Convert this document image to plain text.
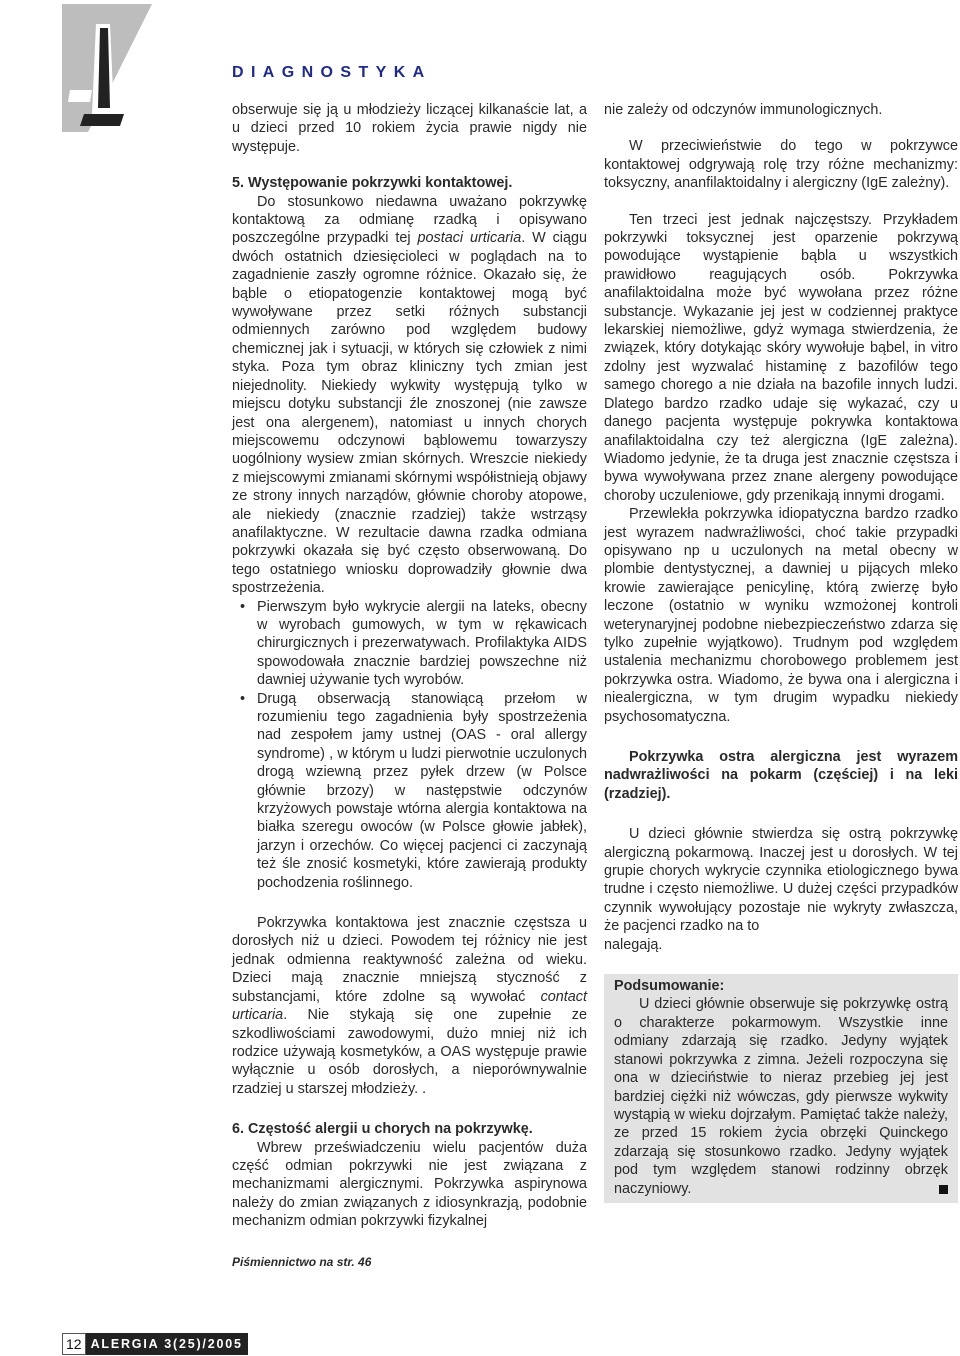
DIAGNOSTYKA

obserwuje się ją u młodzieży liczącej kilkanaście lat, a u dzieci przed 10 rokiem życia prawie nigdy nie występuje.

5. Występowanie pokrzywki kontaktowej.

Do stosunkowo niedawna uważano pokrzywkę kontaktową za odmianę rzadką i opisywano poszczególne przypadki tej postaci urticaria. W ciągu dwóch ostatnich dziesięcioleci w poglądach na to zagadnienie zaszły ogromne różnice. Okazało się, że bąble o etiopatogenzie kontaktowej mogą być wywoływane przez setki różnych substancji odmiennych zarówno pod względem budowy chemicznej jak i sytuacji, w których się człowiek z nimi styka. Poza tym obraz kliniczny tych zmian jest niejednolity. Niekiedy wykwity występują tylko w miejscu dotyku substancji źle znoszonej (nie zawsze jest ona alergenem), natomiast u innych chorych miejscowemu odczynowi bąblowemu towarzyszy uogólniony wysiew zmian skórnych. Wreszcie niekiedy z miejscowymi zmianami skórnymi współistnieją objawy ze strony innych narządów, głównie choroby atopowe, ale niekiedy (znacznie rzadziej) także wstrząsy anafilaktyczne. W rezultacie dawna rzadka odmiana pokrzywki okazała się być często obserwowaną. Do tego ostatniego wniosku doprowadziły głownie dwa spostrzeżenia.

• Pierwszym było wykrycie alergii na lateks, obecny w wyrobach gumowych, w tym w rękawicach chirurgicznych i prezerwatywach. Profilaktyka AIDS spowodowała znacznie bardziej powszechne niż dawniej używanie tych wyrobów.
• Drugą obserwacją stanowiącą przełom w rozumieniu tego zagadnienia były spostrzeżenia nad zespołem jamy ustnej (OAS - oral allergy syndrome) , w którym u ludzi pierwotnie uczulonych drogą wziewną przez pyłek drzew (w Polsce głównie brzozy) w następstwie odczynów krzyżowych powstaje wtórna alergia kontaktowa na białka szeregu owoców (w Polsce głowie jabłek), jarzyn i orzechów. Co więcej pacjenci ci zaczynają też śle znosić kosmetyki, które zawierają produkty pochodzenia roślinnego.

Pokrzywka kontaktowa jest znacznie częstsza u dorosłych niż u dzieci. Powodem tej różnicy nie jest jednak odmienna reaktywność zależna od wieku. Dzieci mają znacznie mniejszą styczność z substancjami, które zdolne są wywołać contact urticaria. Nie stykają się one zupełnie ze szkodliwościami zawodowymi, dużo mniej niż ich rodzice używają kosmetyków, a OAS występuje prawie wyłącznie u osób dorosłych, a nieporównywalnie rzadziej u starszej młodzieży. .

6. Częstość alergii u chorych na pokrzywkę.

Wbrew przeświadczeniu wielu pacjentów duża część odmian pokrzywki nie jest związana z mechanizmami alergicznymi. Pokrzywka aspirynowa należy do zmian związanych z idiosynkrazją, podobnie mechanizm odmian pokrzywki fizykalnej

nie zależy od odczynów immunologicznych.

W przeciwieństwie do tego w pokrzywce kontaktowej odgrywają rolę trzy różne mechanizmy: toksyczny, ananfilaktoidalny i alergiczny (IgE zależny).

Ten trzeci jest jednak najczęstszy. Przykładem pokrzywki toksycznej jest oparzenie pokrzywą powodujące wystąpienie bąbla u wszystkich prawidłowo reagujących osób. Pokrzywka anafilaktoidalna może być wywołana przez różne substancje. Wykazanie jej jest w codziennej praktyce lekarskiej niemożliwe, gdyż wymaga stwierdzenia, że związek, który dotykając skóry wywołuje bąbel, in vitro zdolny jest wyzwalać histaminę z bazofilów tego samego chorego a nie działa na bazofile innych ludzi. Dlatego bardzo rzadko udaje się wykazać, czy u danego pacjenta występuje pokrywka kontaktowa anafilaktoidalna czy też alergiczna (IgE zależna). Wiadomo jedynie, że ta druga jest znacznie częstsza i bywa wywoływana przez znane alergeny powodujące choroby uczuleniowe, gdy przenikają innymi drogami.

Przewlekła pokrzywka idiopatyczna bardzo rzadko jest wyrazem nadwrażliwości, choć takie przypadki opisywano np u uczulonych na metal obecny w plombie dentystycznej, a dawniej u pijących mleko krowie zawierające penicylinę, którą zwierzę było leczone (ostatnio w wyniku wzmożonej kontroli weterynaryjnej podobne niebezpieczeństwo zdarza się tylko zupełnie wyjątkowo). Trudnym pod względem ustalenia mechanizmu chorobowego problemem jest pokrzywka ostra. Wiadomo, że bywa ona i alergiczna i niealergiczna, w tym drugim wypadku niekiedy psychosomatyczna.

Pokrzywka ostra alergiczna jest wyrazem nadwrażliwości na pokarm (częściej) i na leki (rzadziej).

U dzieci głównie stwierdza się ostrą pokrzywkę alergiczną pokarmową. Inaczej jest u dorosłych. W tej grupie chorych wykrycie czynnika etiologicznego bywa trudne i często niemożliwe. U dużej części przypadków czynnik wywołujący pozostaje nie wykryty zwłaszcza, że pacjenci rzadko na to
nalegają.

Podsumowanie:

U dzieci głównie obserwuje się pokrzywkę ostrą o charakterze pokarmowym. Wszystkie inne odmiany zdarzają się rzadko. Jedyny wyjątek stanowi pokrzywka z zimna. Jeżeli rozpoczyna się ona w dzieciństwie to nieraz przebieg jej jest bardziej ciężki niż wówczas, gdy pierwsze wykwity wystąpią w wieku dojrzałym. Pamiętać także należy, ze przed 15 rokiem życia obrzęki Quinckego zdarzają się stosunkowo rzadko. Jedyny wyjątek pod tym względem stanowi rodzinny obrzęk naczyniowy.

Piśmiennictwo na str. 46
12 ALERGIA 3(25)/2005
